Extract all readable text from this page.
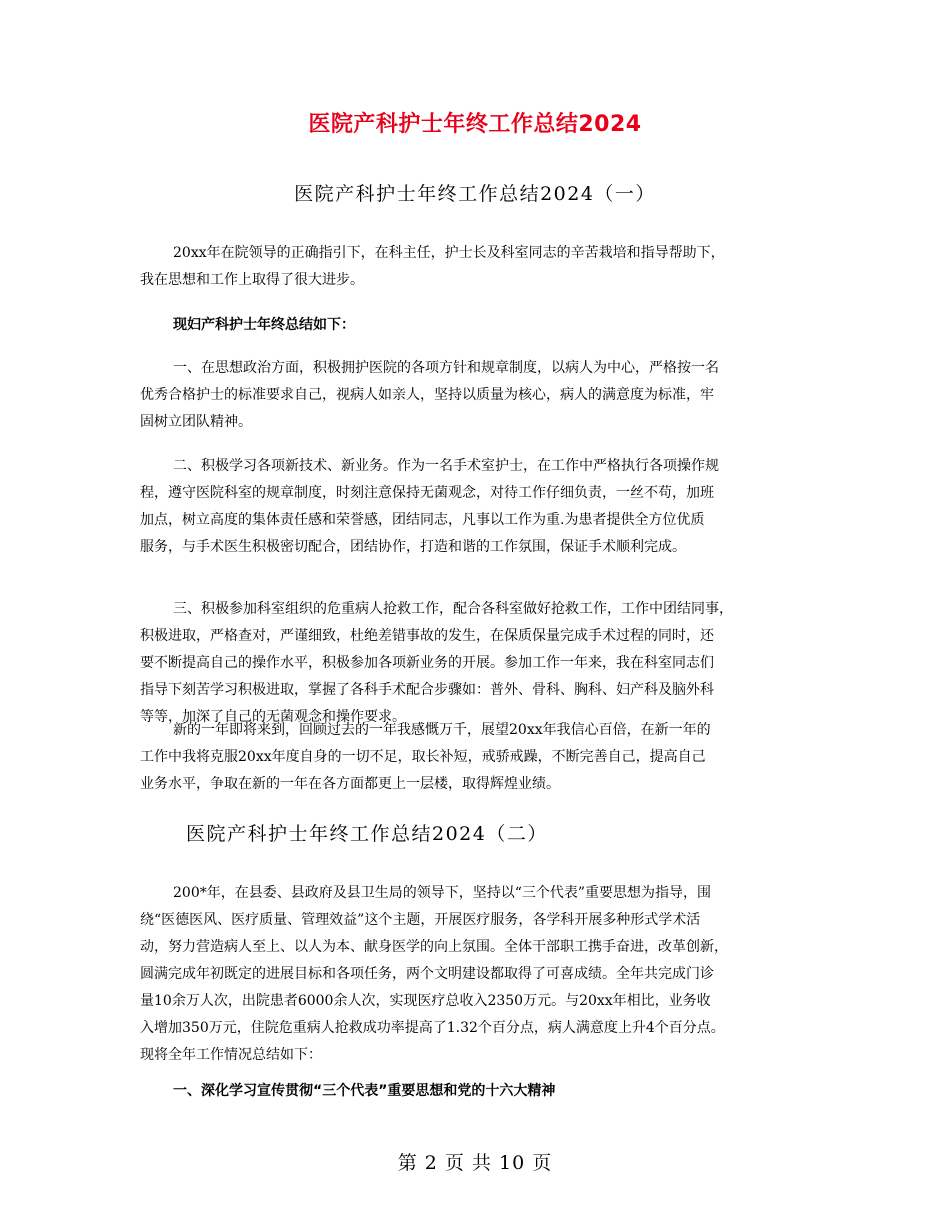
医院产科护士年终工作总结2024
医院产科护士年终工作总结2024（一）
20xx年在院领导的正确指引下，在科主任，护士长及科室同志的辛苦栽培和指导帮助下，
我在思想和工作上取得了很大进步。
现妇产科护士年终总结如下：
一、在思想政治方面，积极拥护医院的各项方针和规章制度，以病人为中心，严格按一名
优秀合格护士的标准要求自己，视病人如亲人，坚持以质量为核心，病人的满意度为标准，牢
固树立团队精神。
二、积极学习各项新技术、新业务。作为一名手术室护士，在工作中严格执行各项操作规
程，遵守医院科室的规章制度，时刻注意保持无菌观念，对待工作仔细负责，一丝不苟，加班
加点，树立高度的集体责任感和荣誉感，团结同志，凡事以工作为重.为患者提供全方位优质
服务，与手术医生积极密切配合，团结协作，打造和谐的工作氛围，保证手术顺利完成。
三、积极参加科室组织的危重病人抢救工作，配合各科室做好抢救工作，工作中团结同事，
积极进取，严格查对，严谨细致，杜绝差错事故的发生，在保质保量完成手术过程的同时，还
要不断提高自己的操作水平，积极参加各项新业务的开展。参加工作一年来，我在科室同志们
指导下刻苦学习积极进取，掌握了各科手术配合步骤如：普外、骨科、胸科、妇产科及脑外科
等等，加深了自己的无菌观念和操作要求。
新的一年即将来到，回顾过去的一年我感慨万千，展望20xx年我信心百倍，在新一年的
工作中我将克服20xx年度自身的一切不足，取长补短，戒骄戒躁，不断完善自己，提高自己
业务水平，争取在新的一年在各方面都更上一层楼，取得辉煌业绩。
医院产科护士年终工作总结2024（二）
200*年，在县委、县政府及县卫生局的领导下，坚持以“三个代表”重要思想为指导，围
绕“医德医风、医疗质量、管理效益”这个主题，开展医疗服务，各学科开展多种形式学术活
动，努力营造病人至上、以人为本、献身医学的向上氛围。全体干部职工携手奋进，改革创新，
圆满完成年初既定的进展目标和各项任务，两个文明建设都取得了可喜成绩。全年共完成门诊
量10余万人次，出院患者6000余人次，实现医疗总收入2350万元。与20xx年相比，业务收
入增加350万元，住院危重病人抢救成功率提高了1.32个百分点，病人满意度上升4个百分点。
现将全年工作情况总结如下：
一、深化学习宣传贯彻“三个代表”重要思想和党的十六大精神
第 2 页 共 10 页
